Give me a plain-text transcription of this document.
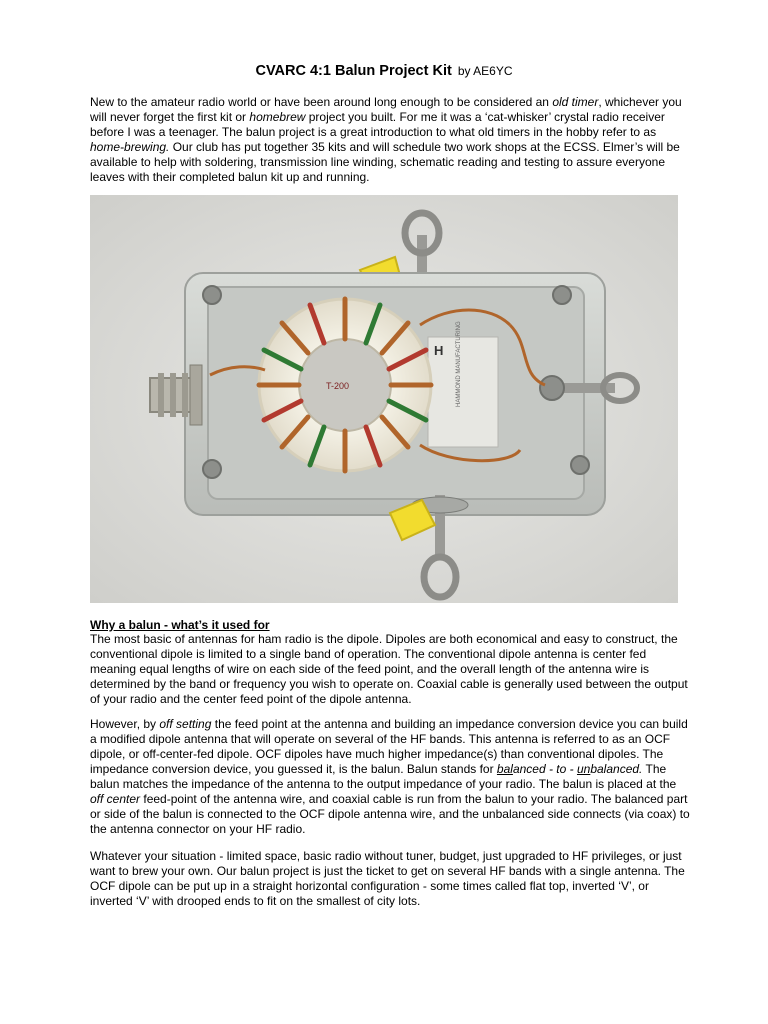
CVARC 4:1 Balun Project Kit by AE6YC

New to the amateur radio world or have been around long enough to be considered an old timer, whichever you will never forget the first kit or homebrew project you built. For me it was a ‘cat-whisker’ crystal radio receiver before I was a teenager. The balun project is a great introduction to what old timers in the hobby refer to as home-brewing. Our club has put together 35 kits and will schedule two work shops at the ECSS. Elmer’s will be available to help with soldering, transmission line winding, schematic reading and testing to assure everyone leaves with their completed balun kit up and running.

H HAMMOND MANUFACTURING
T-200

Why a balun - what’s it used for

The most basic of antennas for ham radio is the dipole. Dipoles are both economical and easy to construct, the conventional dipole is limited to a single band of operation. The conventional dipole antenna is center fed meaning equal lengths of wire on each side of the feed point, and the overall length of the antenna wire is determined by the band or frequency you wish to operate on. Coaxial cable is generally used between the output of your radio and the center feed point of the dipole antenna.

However, by off setting the feed point at the antenna and building an impedance conversion device you can build a modified dipole antenna that will operate on several of the HF bands. This antenna is referred to as an OCF dipole, or off-center-fed dipole. OCF dipoles have much higher impedance(s) than conventional dipoles. The impedance conversion device, you guessed it, is the balun. Balun stands for balanced - to - unbalanced. The balun matches the impedance of the antenna to the output impedance of your radio. The balun is placed at the off center feed-point of the antenna wire, and coaxial cable is run from the balun to your radio. The balanced part or side of the balun is connected to the OCF dipole antenna wire, and the unbalanced side connects (via coax) to the antenna connector on your HF radio.

Whatever your situation - limited space, basic radio without tuner, budget, just upgraded to HF privileges, or just want to brew your own. Our balun project is just the ticket to get on several HF bands with a single antenna. The OCF dipole can be put up in a straight horizontal configuration - some times called flat top, inverted ‘V’, or inverted ‘V’ with drooped ends to fit on the smallest of city lots.
